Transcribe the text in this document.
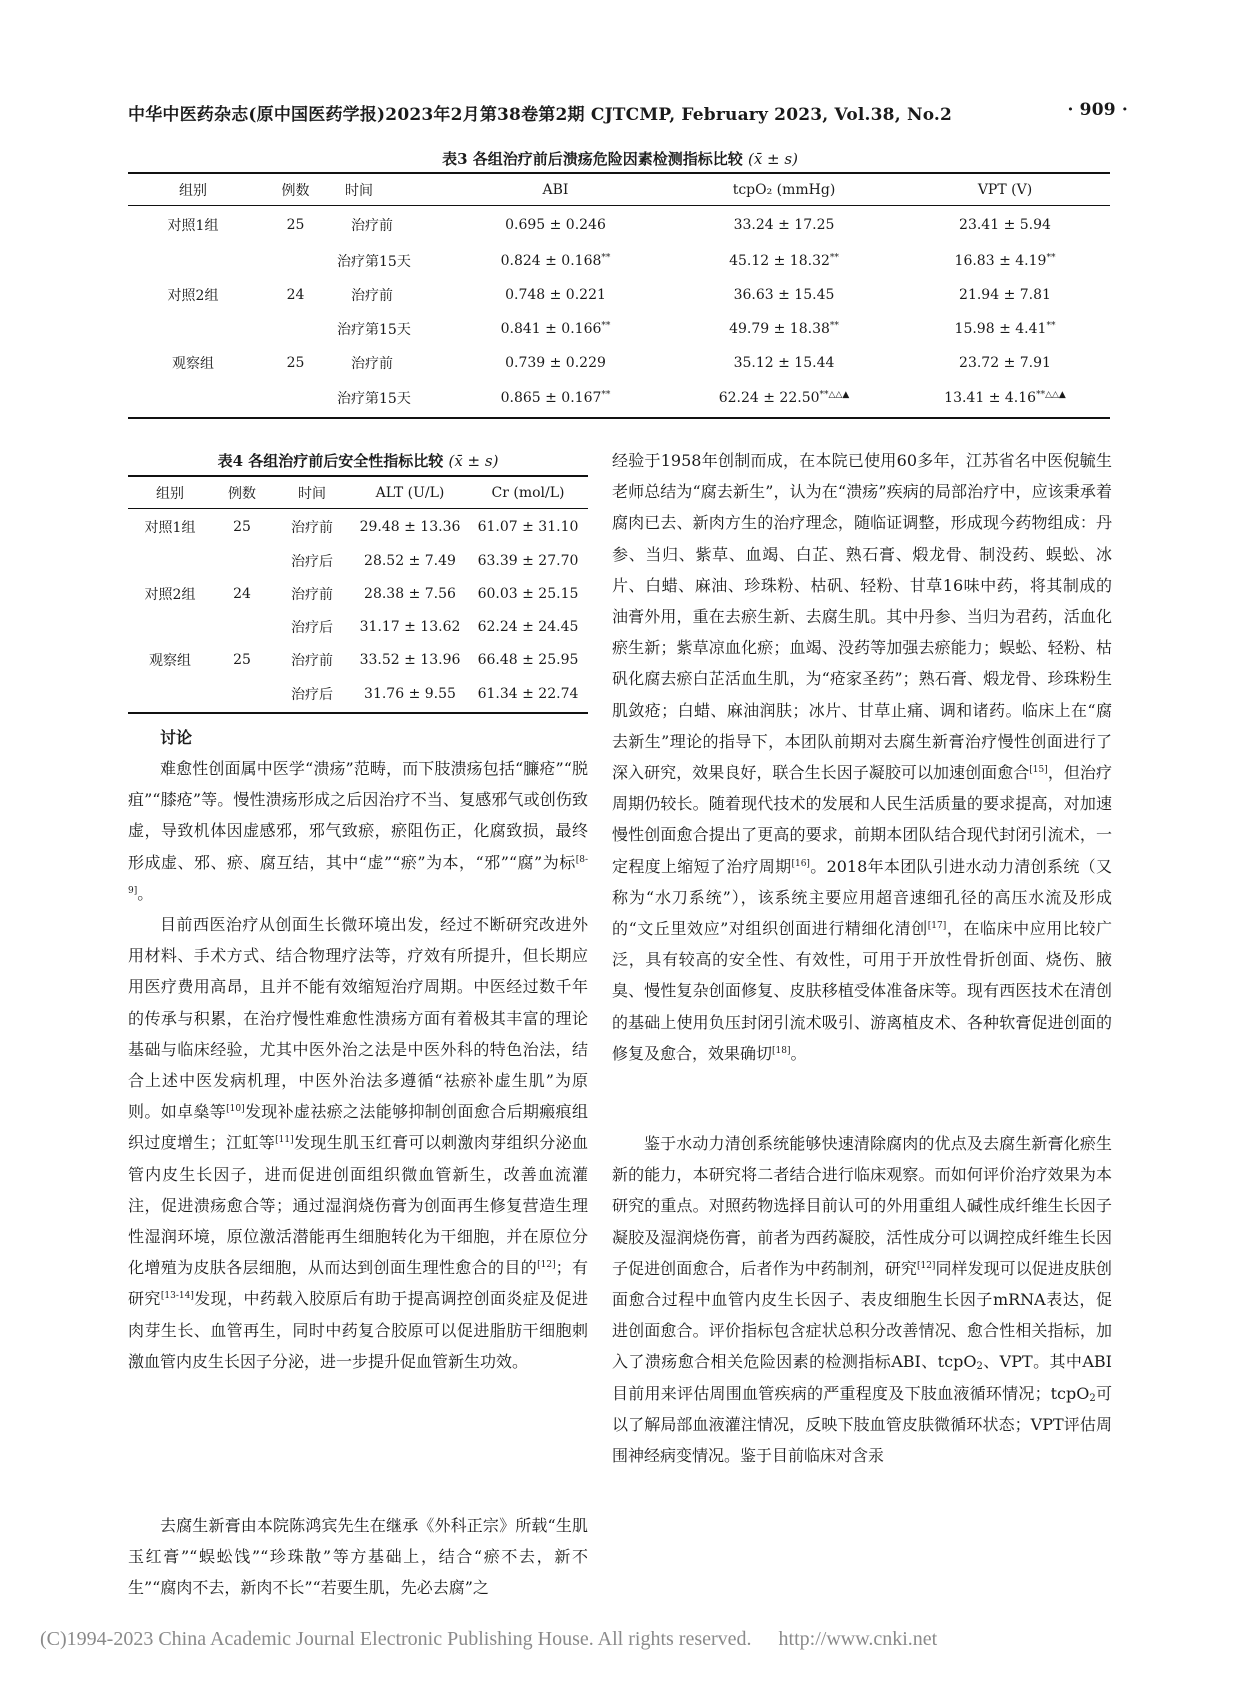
中华中医药杂志(原中国医药学报)2023年2月第38卷第2期 CJTCMP, February 2023, Vol.38, No.2	· 909 ·
表3 各组治疗前后溃疡危险因素检测指标比较 (x̄ ± s)
组别	例数	时间	ABI	tcpO₂ (mmHg)	VPT (V)
对照1组	25	治疗前	0.695 ± 0.246	33.24 ± 17.25	23.41 ± 5.94
		治疗第15天	0.824 ± 0.168**	45.12 ± 18.32**	16.83 ± 4.19**
对照2组	24	治疗前	0.748 ± 0.221	36.63 ± 15.45	21.94 ± 7.81
		治疗第15天	0.841 ± 0.166**	49.79 ± 18.38**	15.98 ± 4.41**
观察组	25	治疗前	0.739 ± 0.229	35.12 ± 15.44	23.72 ± 7.91
		治疗第15天	0.865 ± 0.167**	62.24 ± 22.50**△△▲	13.41 ± 4.16**△△▲
表4 各组治疗前后安全性指标比较 (x̄ ± s)
组别	例数	时间	ALT (U/L)	Cr (mol/L)
对照1组	25	治疗前	29.48 ± 13.36	61.07 ± 31.10
		治疗后	28.52 ± 7.49	63.39 ± 27.70
对照2组	24	治疗前	28.38 ± 7.56	60.03 ± 25.15
		治疗后	31.17 ± 13.62	62.24 ± 24.45
观察组	25	治疗前	33.52 ± 13.96	66.48 ± 25.95
		治疗后	31.76 ± 9.55	61.34 ± 22.74
讨论

难愈性创面属中医学“溃疡”范畴，而下肢溃疡包括“臁疮”“脱疽”“膝疮”等。慢性溃疡形成之后因治疗不当、复感邪气或创伤致虚，导致机体因虚感邪，邪气致瘀，瘀阻伤正，化腐致损，最终形成虚、邪、瘀、腐互结，其中“虚”“瘀”为本，“邪”“腐”为标[8-9]。

目前西医治疗从创面生长微环境出发，经过不断研究改进外用材料、手术方式、结合物理疗法等，疗效有所提升，但长期应用医疗费用高昂，且并不能有效缩短治疗周期。中医经过数千年的传承与积累，在治疗慢性难愈性溃疡方面有着极其丰富的理论基础与临床经验，尤其中医外治之法是中医外科的特色治法，结合上述中医发病机理，中医外治法多遵循“祛瘀补虚生肌”为原则。如卓燊等[10]发现补虚祛瘀之法能够抑制创面愈合后期瘢痕组织过度增生；江虹等[11]发现生肌玉红膏可以刺激肉芽组织分泌血管内皮生长因子，进而促进创面组织微血管新生，改善血流灌注，促进溃疡愈合等；通过湿润烧伤膏为创面再生修复营造生理性湿润环境，原位激活潜能再生细胞转化为干细胞，并在原位分化增殖为皮肤各层细胞，从而达到创面生理性愈合的目的[12]；有研究[13-14]发现，中药载入胶原后有助于提高调控创面炎症及促进肉芽生长、血管再生，同时中药复合胶原可以促进脂肪干细胞刺激血管内皮生长因子分泌，进一步提升促血管新生功效。

去腐生新膏由本院陈鸿宾先生在继承《外科正宗》所载“生肌玉红膏”“蜈蚣饯”“珍珠散”等方基础上，结合“瘀不去，新不生”“腐肉不去，新肉不长”“若要生肌，先必去腐”之

经验于1958年创制而成，在本院已使用60多年，江苏省名中医倪毓生老师总结为“腐去新生”，认为在“溃疡”疾病的局部治疗中，应该秉承着腐肉已去、新肉方生的治疗理念，随临证调整，形成现今药物组成：丹参、当归、紫草、血竭、白芷、熟石膏、煅龙骨、制没药、蜈蚣、冰片、白蜡、麻油、珍珠粉、枯矾、轻粉、甘草16味中药，将其制成的油膏外用，重在去瘀生新、去腐生肌。其中丹参、当归为君药，活血化瘀生新；紫草凉血化瘀；血竭、没药等加强去瘀能力；蜈蚣、轻粉、枯矾化腐去瘀白芷活血生肌，为“疮家圣药”；熟石膏、煅龙骨、珍珠粉生肌敛疮；白蜡、麻油润肤；冰片、甘草止痛、调和诸药。临床上在“腐去新生”理论的指导下，本团队前期对去腐生新膏治疗慢性创面进行了深入研究，效果良好，联合生长因子凝胶可以加速创面愈合[15]，但治疗周期仍较长。随着现代技术的发展和人民生活质量的要求提高，对加速慢性创面愈合提出了更高的要求，前期本团队结合现代封闭引流术，一定程度上缩短了治疗周期[16]。2018年本团队引进水动力清创系统（又称为“水刀系统”），该系统主要应用超音速细孔径的高压水流及形成的“文丘里效应”对组织创面进行精细化清创[17]，在临床中应用比较广泛，具有较高的安全性、有效性，可用于开放性骨折创面、烧伤、腋臭、慢性复杂创面修复、皮肤移植受体准备床等。现有西医技术在清创的基础上使用负压封闭引流术吸引、游离植皮术、各种软膏促进创面的修复及愈合，效果确切[18]。

鉴于水动力清创系统能够快速清除腐肉的优点及去腐生新膏化瘀生新的能力，本研究将二者结合进行临床观察。而如何评价治疗效果为本研究的重点。对照药物选择目前认可的外用重组人碱性成纤维生长因子凝胶及湿润烧伤膏，前者为西药凝胶，活性成分可以调控成纤维生长因子促进创面愈合，后者作为中药制剂，研究[12]同样发现可以促进皮肤创面愈合过程中血管内皮生长因子、表皮细胞生长因子mRNA表达，促进创面愈合。评价指标包含症状总积分改善情况、愈合性相关指标，加入了溃疡愈合相关危险因素的检测指标ABI、tcpO$_2$、VPT。其中ABI目前用来评估周围血管疾病的严重程度及下肢血液循环情况；tcpO$_2$可以了解局部血液灌注情况，反映下肢血管皮肤微循环状态；VPT评估周围神经病变情况。鉴于目前临床对含汞

(C)1994-2023 China Academic Journal Electronic Publishing House. All rights reserved. http://www.cnki.net
